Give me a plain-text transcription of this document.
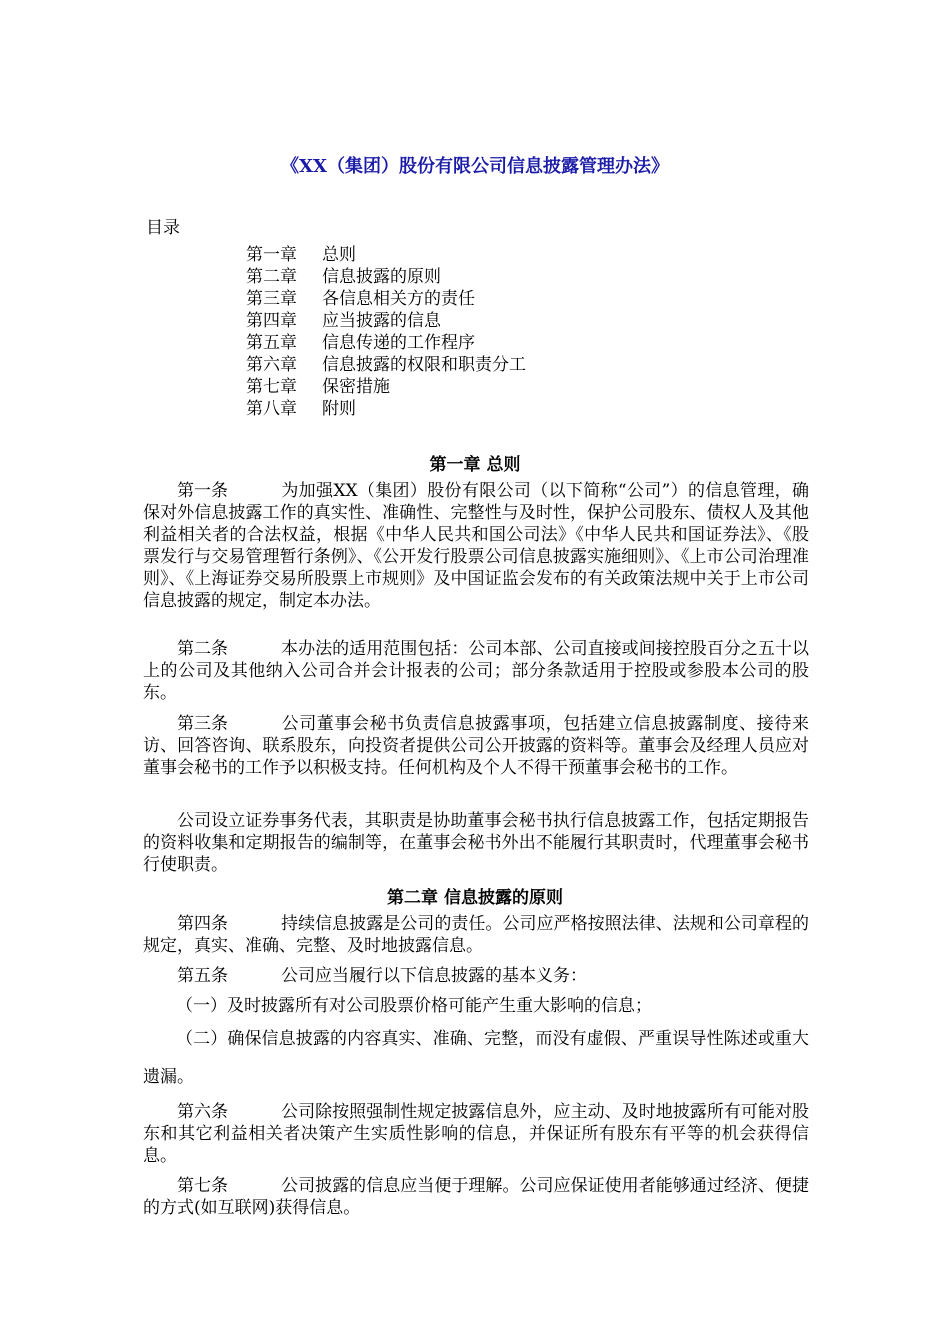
《XX（集团）股份有限公司信息披露管理办法》
目录
第一章 总则
第二章 信息披露的原则
第三章 各信息相关方的责任
第四章 应当披露的信息
第五章 信息传递的工作程序
第六章 信息披露的权限和职责分工
第七章 保密措施
第八章 附则
第一章 总则
第一条	为加强XX（集团）股份有限公司（以下简称“公司”）的信息管理，确保对外信息披露工作的真实性、准确性、完整性与及时性，保护公司股东、债权人及其他利益相关者的合法权益，根据《中华人民共和国公司法》《中华人民共和国证券法》、《股票发行与交易管理暂行条例》、《公开发行股票公司信息披露实施细则》、《上市公司治理准则》、《上海证券交易所股票上市规则》及中国证监会发布的有关政策法规中关于上市公司信息披露的规定，制定本办法。
第二条	本办法的适用范围包括：公司本部、公司直接或间接控股百分之五十以上的公司及其他纳入公司合并会计报表的公司；部分条款适用于控股或参股本公司的股东。
第三条	公司董事会秘书负责信息披露事项，包括建立信息披露制度、接待来访、回答咨询、联系股东，向投资者提供公司公开披露的资料等。董事会及经理人员应对董事会秘书的工作予以积极支持。任何机构及个人不得干预董事会秘书的工作。
公司设立证券事务代表，其职责是协助董事会秘书执行信息披露工作，包括定期报告的资料收集和定期报告的编制等，在董事会秘书外出不能履行其职责时，代理董事会秘书行使职责。
第二章 信息披露的原则
第四条	持续信息披露是公司的责任。公司应严格按照法律、法规和公司章程的规定，真实、准确、完整、及时地披露信息。
第五条	公司应当履行以下信息披露的基本义务：
（一）及时披露所有对公司股票价格可能产生重大影响的信息；
（二）确保信息披露的内容真实、准确、完整，而没有虚假、严重误导性陈述或重大遗漏。
第六条	公司除按照强制性规定披露信息外，应主动、及时地披露所有可能对股东和其它利益相关者决策产生实质性影响的信息，并保证所有股东有平等的机会获得信息。
第七条	公司披露的信息应当便于理解。公司应保证使用者能够通过经济、便捷的方式(如互联网)获得信息。
